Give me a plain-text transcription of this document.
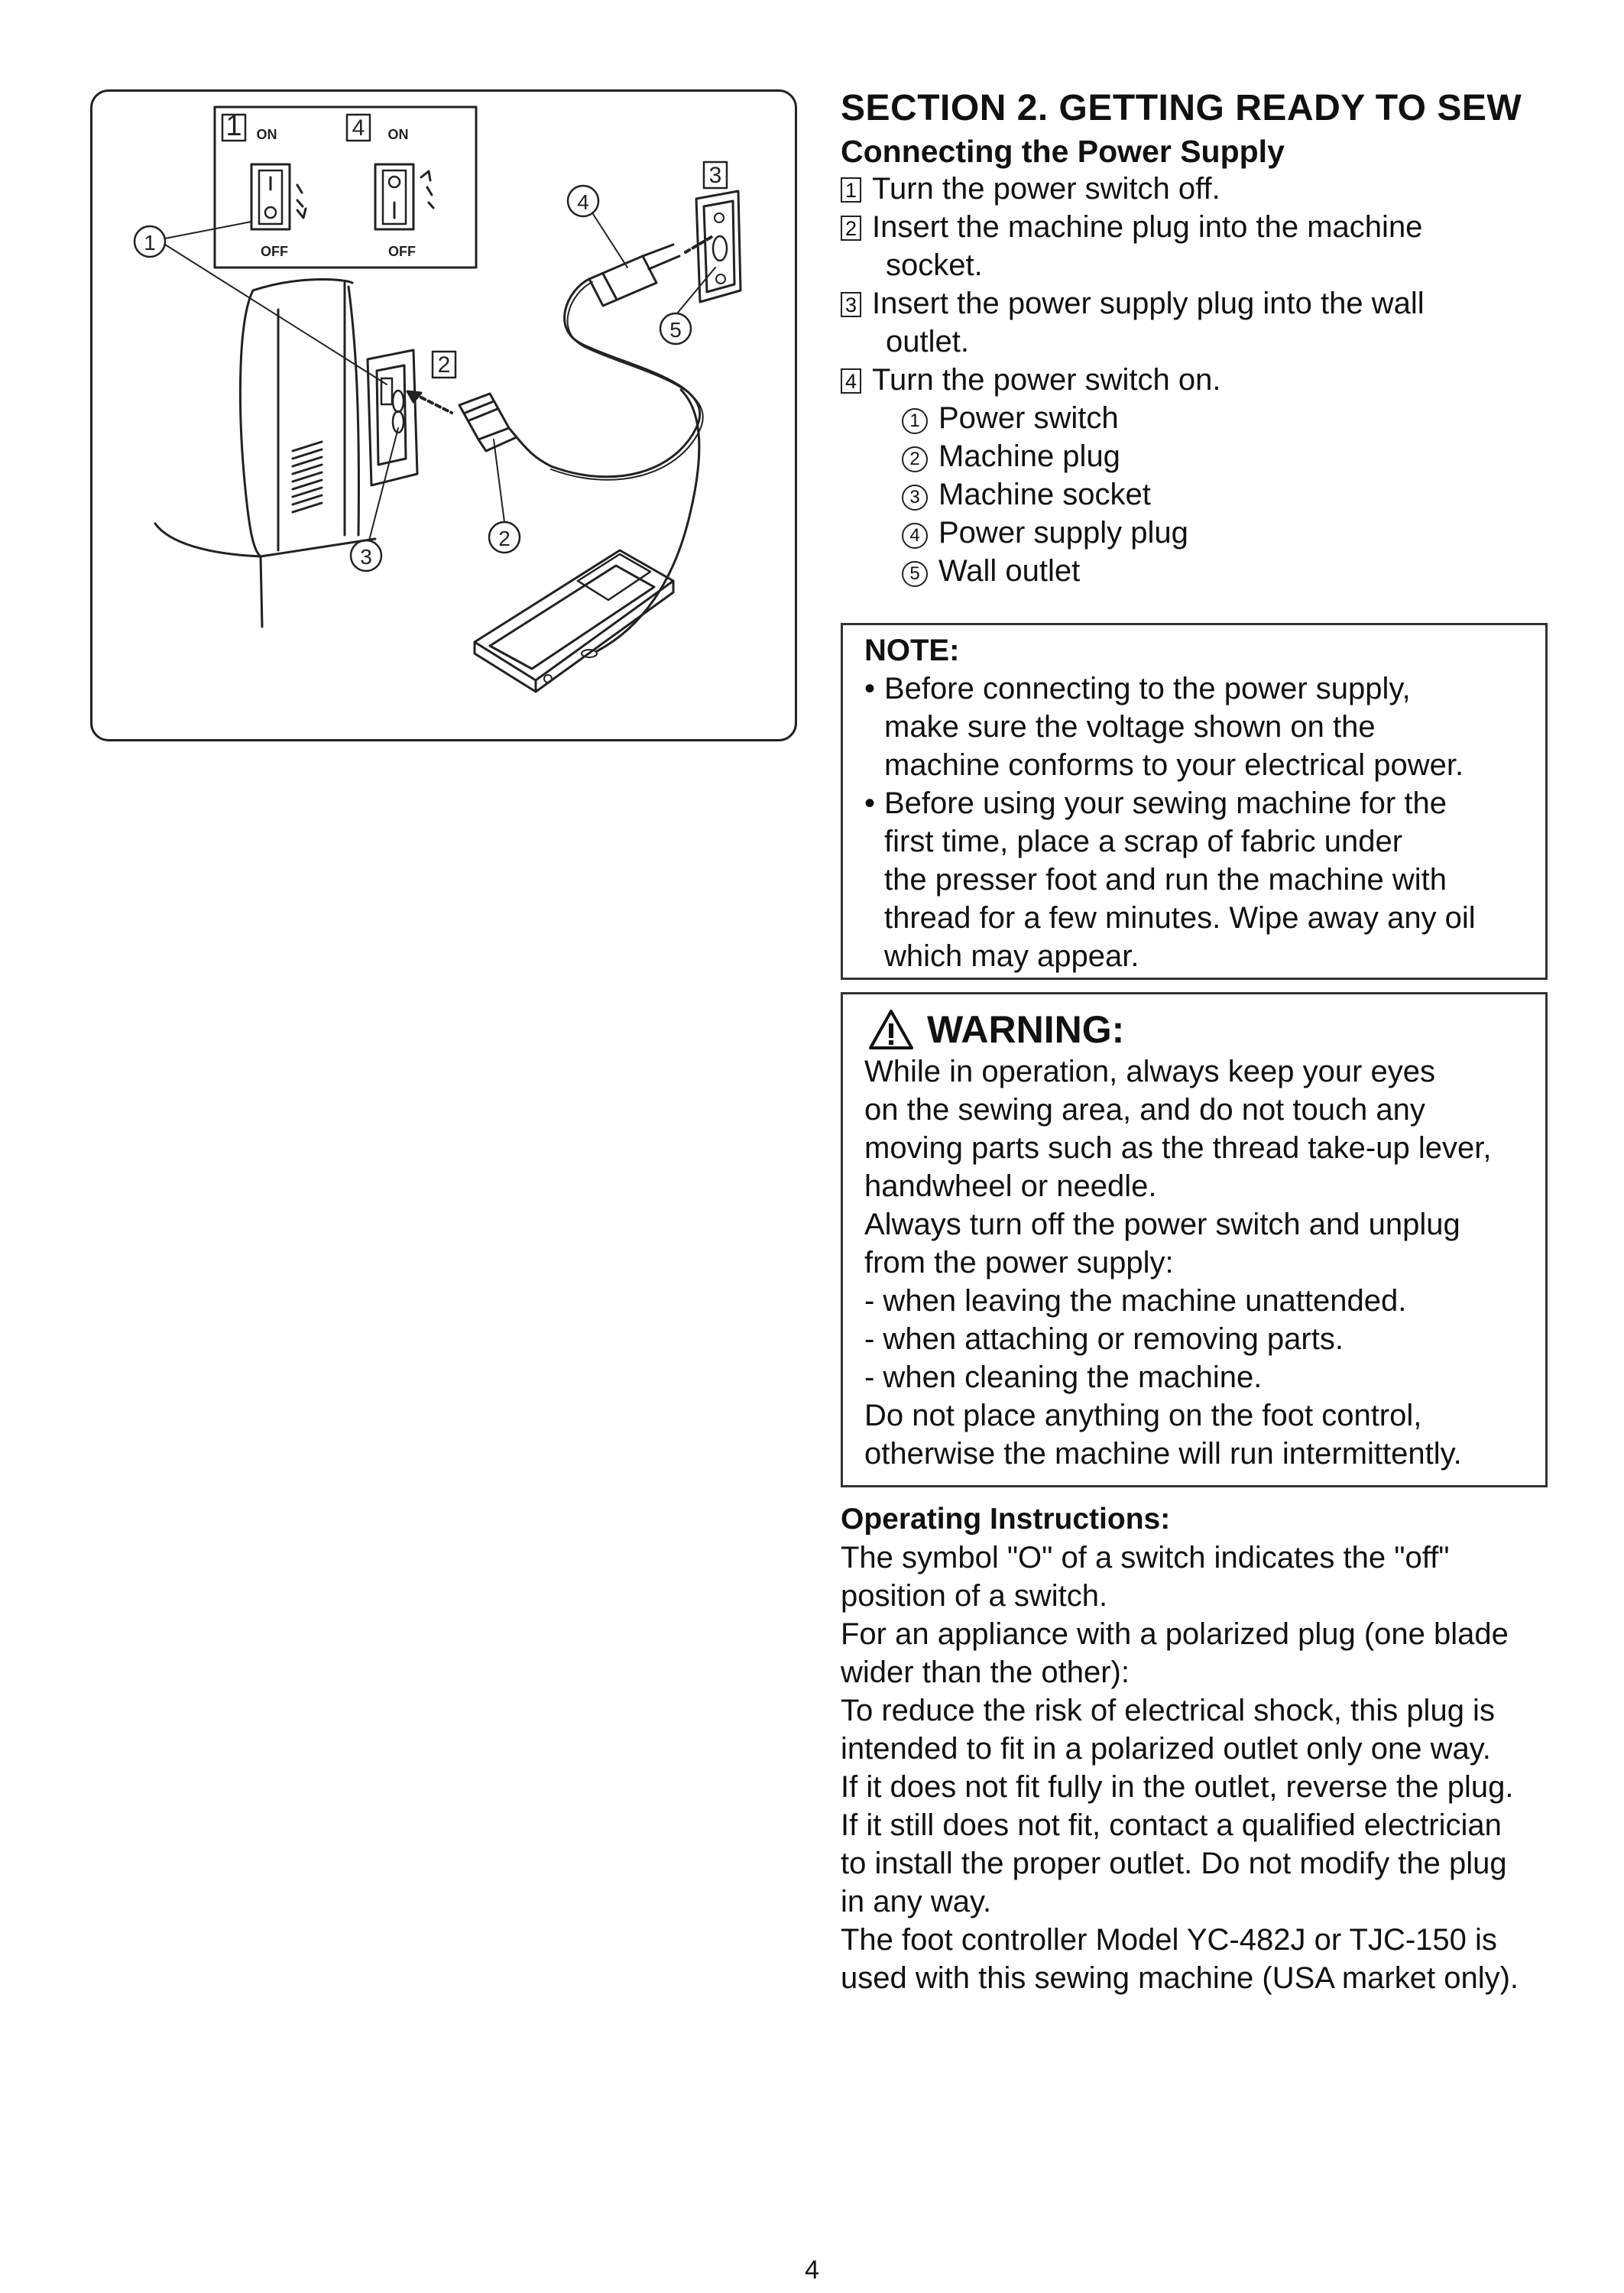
1 ON
OFF
4 ON
OFF
1
2
3
4
5
3
2
SECTION 2. GETTING READY TO SEW
Connecting the Power Supply
1 Turn the power switch off.
2 Insert the machine plug into the machine
socket.
3 Insert the power supply plug into the wall
outlet.
4 Turn the power switch on.
1 Power switch
2 Machine plug
3 Machine socket
4 Power supply plug
5 Wall outlet
NOTE:
• Before connecting to the power supply,
make sure the voltage shown on the
machine conforms to your electrical power.
• Before using your sewing machine for the
first time, place a scrap of fabric under
the presser foot and run the machine with
thread for a few minutes. Wipe away any oil
which may appear.
WARNING:
While in operation, always keep your eyes
on the sewing area, and do not touch any
moving parts such as the thread take-up lever,
handwheel or needle.
Always turn off the power switch and unplug
from the power supply:
- when leaving the machine unattended.
- when attaching or removing parts.
- when cleaning the machine.
Do not place anything on the foot control,
otherwise the machine will run intermittently.
Operating Instructions:
The symbol "O" of a switch indicates the "off"
position of a switch.
For an appliance with a polarized plug (one blade
wider than the other):
To reduce the risk of electrical shock, this plug is
intended to fit in a polarized outlet only one way.
If it does not fit fully in the outlet, reverse the plug.
If it still does not fit, contact a qualified electrician
to install the proper outlet. Do not modify the plug
in any way.
The foot controller Model YC-482J or TJC-150 is
used with this sewing machine (USA market only).
4
